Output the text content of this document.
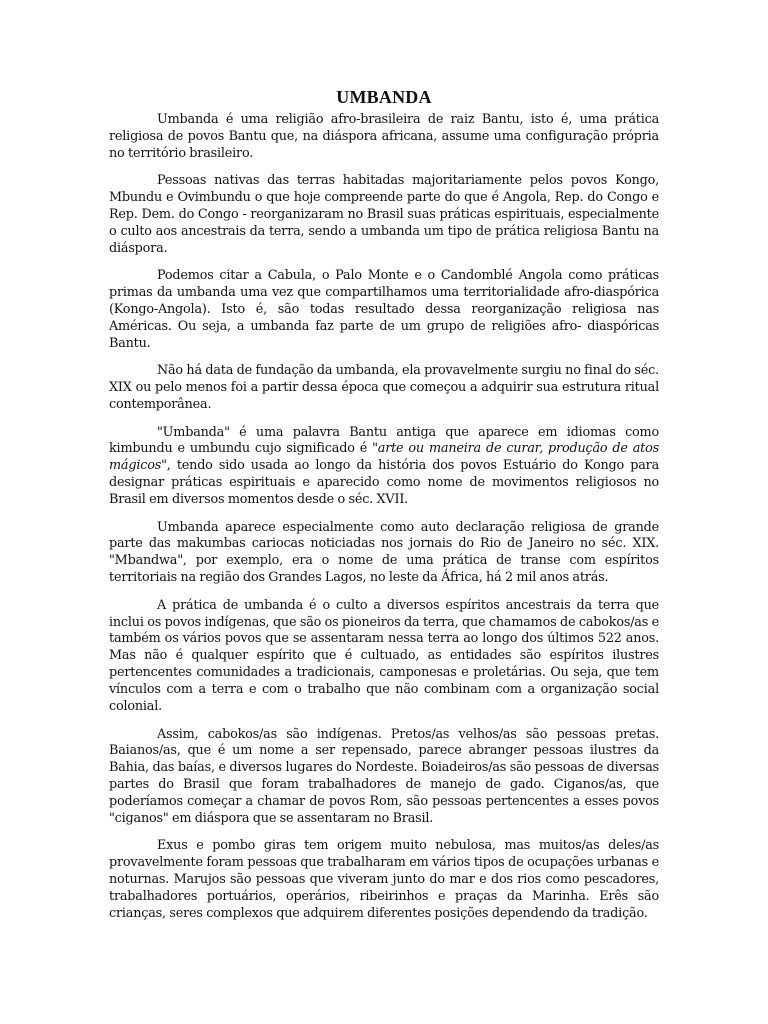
UMBANDA

Umbanda é uma religião afro-brasileira de raiz Bantu, isto é, uma prática religiosa de povos Bantu que, na diáspora africana, assume uma configuração própria no território brasileiro.

Pessoas nativas das terras habitadas majoritariamente pelos povos Kongo, Mbundu e Ovimbundu o que hoje compreende parte do que é Angola, Rep. do Congo e Rep. Dem. do Congo - reorganizaram no Brasil suas práticas espirituais, especialmente o culto aos ancestrais da terra, sendo a umbanda um tipo de prática religiosa Bantu na diáspora.

Podemos citar a Cabula, o Palo Monte e o Candomblé Angola como práticas primas da umbanda uma vez que compartilhamos uma territorialidade afro-diaspórica (Kongo-Angola). Isto é, são todas resultado dessa reorganização religiosa nas Américas. Ou seja, a umbanda faz parte de um grupo de religiões afro- diaspóricas Bantu.

Não há data de fundação da umbanda, ela provavelmente surgiu no final do séc. XIX ou pelo menos foi a partir dessa época que começou a adquirir sua estrutura ritual contemporânea.

"Umbanda" é uma palavra Bantu antiga que aparece em idiomas como kimbundu e umbundu cujo significado é "arte ou maneira de curar, produção de atos mágicos", tendo sido usada ao longo da história dos povos Estuário do Kongo para designar práticas espirituais e aparecido como nome de movimentos religiosos no Brasil em diversos momentos desde o séc. XVII.

Umbanda aparece especialmente como auto declaração religiosa de grande parte das makumbas cariocas noticiadas nos jornais do Rio de Janeiro no séc. XIX. "Mbandwa", por exemplo, era o nome de uma prática de transe com espíritos territoriais na região dos Grandes Lagos, no leste da África, há 2 mil anos atrás.

A prática de umbanda é o culto a diversos espíritos ancestrais da terra que inclui os povos indígenas, que são os pioneiros da terra, que chamamos de cabokos/as e também os vários povos que se assentaram nessa terra ao longo dos últimos 522 anos. Mas não é qualquer espírito que é cultuado, as entidades são espíritos ilustres pertencentes comunidades a tradicionais, camponesas e proletárias. Ou seja, que tem vínculos com a terra e com o trabalho que não combinam com a organização social colonial.

Assim, cabokos/as são indígenas. Pretos/as velhos/as são pessoas pretas. Baianos/as, que é um nome a ser repensado, parece abranger pessoas ilustres da Bahia, das baías, e diversos lugares do Nordeste. Boiadeiros/as são pessoas de diversas partes do Brasil que foram trabalhadores de manejo de gado. Ciganos/as, que poderíamos começar a chamar de povos Rom, são pessoas pertencentes a esses povos "ciganos" em diáspora que se assentaram no Brasil.

Exus e pombo giras tem origem muito nebulosa, mas muitos/as deles/as provavelmente foram pessoas que trabalharam em vários tipos de ocupações urbanas e noturnas. Marujos são pessoas que viveram junto do mar e dos rios como pescadores, trabalhadores portuários, operários, ribeirinhos e praças da Marinha. Erês são crianças, seres complexos que adquirem diferentes posições dependendo da tradição.
